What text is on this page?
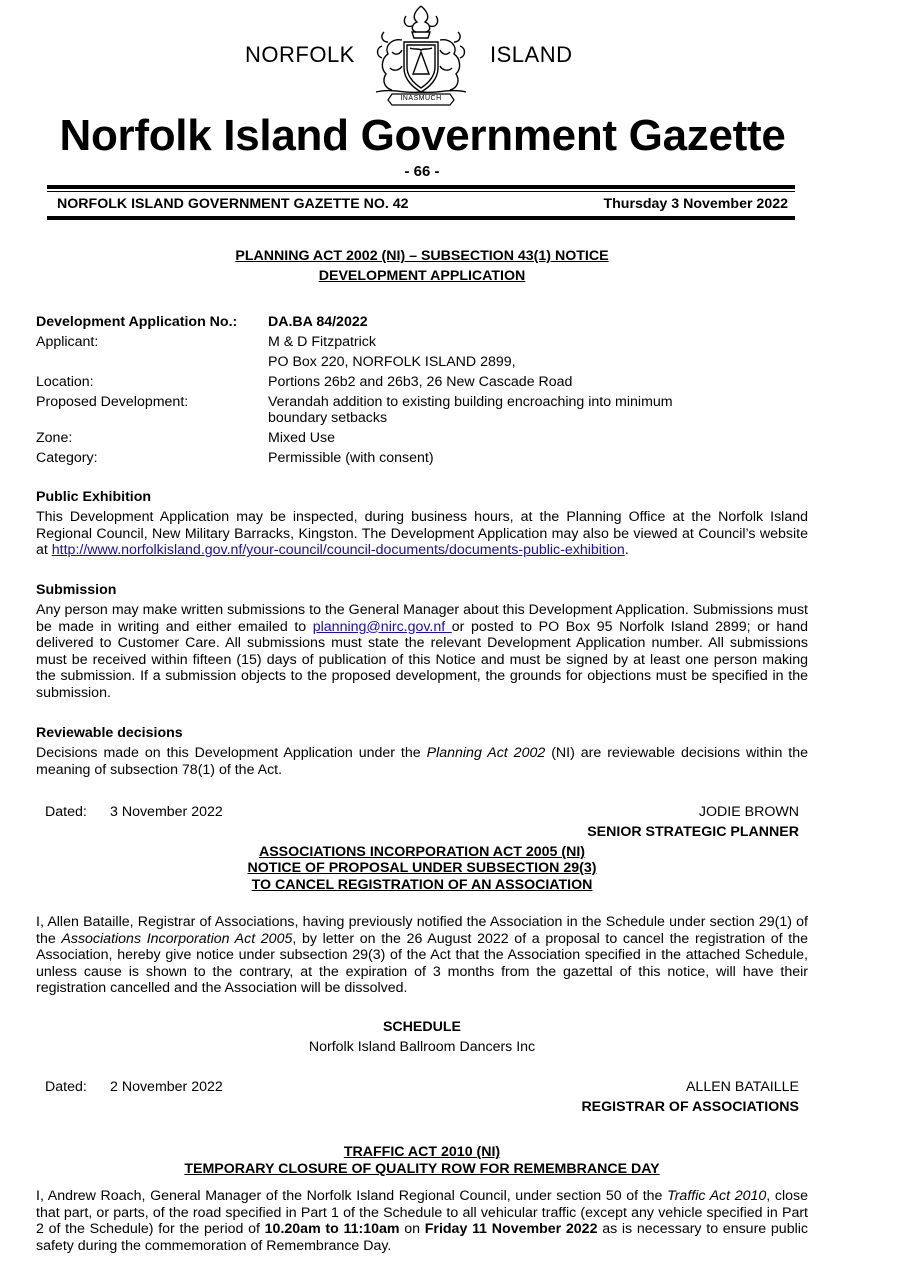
NORFOLK
INASMUCH
ISLAND
Norfolk Island Government Gazette
- 66 -
NORFOLK ISLAND GOVERNMENT GAZETTE NO. 42	Thursday 3 November 2022
PLANNING ACT 2002 (NI) – SUBSECTION 43(1) NOTICE
DEVELOPMENT APPLICATION
Development Application No.: DA.BA 84/2022
Applicant:	M & D Fitzpatrick
PO Box 220, NORFOLK ISLAND 2899,
Location:	Portions 26b2 and 26b3, 26 New Cascade Road
Proposed Development:	Verandah addition to existing building encroaching into minimum
boundary setbacks
Zone:	Mixed Use
Category:	Permissible (with consent)
Public Exhibition
This Development Application may be inspected, during business hours, at the Planning Office at the Norfolk Island Regional Council, New Military Barracks, Kingston. The Development Application may also be viewed at Council’s website at http://www.norfolkisland.gov.nf/your-council/council-documents/documents-public-exhibition.
Submission
Any person may make written submissions to the General Manager about this Development Application. Submissions must be made in writing and either emailed to planning@nirc.gov.nf or posted to PO Box 95 Norfolk Island 2899; or hand delivered to Customer Care. All submissions must state the relevant Development Application number. All submissions must be received within fifteen (15) days of publication of this Notice and must be signed by at least one person making the submission. If a submission objects to the proposed development, the grounds for objections must be specified in the submission.
Reviewable decisions
Decisions made on this Development Application under the Planning Act 2002 (NI) are reviewable decisions within the meaning of subsection 78(1) of the Act.
Dated: 3 November 2022	JODIE BROWN
SENIOR STRATEGIC PLANNER
ASSOCIATIONS INCORPORATION ACT 2005 (NI)
NOTICE OF PROPOSAL UNDER SUBSECTION 29(3)
TO CANCEL REGISTRATION OF AN ASSOCIATION
I, Allen Bataille, Registrar of Associations, having previously notified the Association in the Schedule under section 29(1) of the Associations Incorporation Act 2005, by letter on the 26 August 2022 of a proposal to cancel the registration of the Association, hereby give notice under subsection 29(3) of the Act that the Association specified in the attached Schedule, unless cause is shown to the contrary, at the expiration of 3 months from the gazettal of this notice, will have their registration cancelled and the Association will be dissolved.
SCHEDULE
Norfolk Island Ballroom Dancers Inc
Dated: 2 November 2022	ALLEN BATAILLE
REGISTRAR OF ASSOCIATIONS
TRAFFIC ACT 2010 (NI)
TEMPORARY CLOSURE OF QUALITY ROW FOR REMEMBRANCE DAY
I, Andrew Roach, General Manager of the Norfolk Island Regional Council, under section 50 of the Traffic Act 2010, close that part, or parts, of the road specified in Part 1 of the Schedule to all vehicular traffic (except any vehicle specified in Part 2 of the Schedule) for the period of 10.20am to 11:10am on Friday 11 November 2022 as is necessary to ensure public safety during the commemoration of Remembrance Day.
